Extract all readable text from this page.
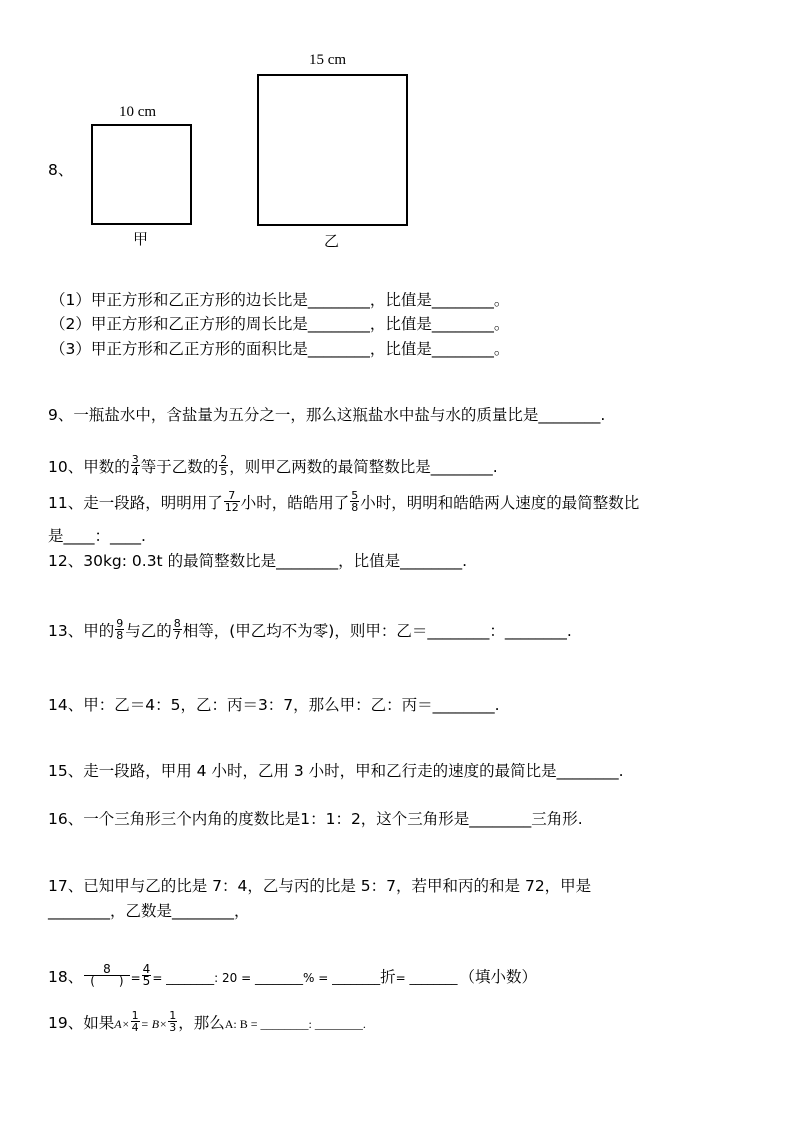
8、
10 cm
甲
15 cm
乙
（1）甲正方形和乙正方形的边长比是________，比值是________。
（2）甲正方形和乙正方形的周长比是________，比值是________。
（3）甲正方形和乙正方形的面积比是________，比值是________。
9、一瓶盐水中，含盐量为五分之一，那么这瓶盐水中盐与水的质量比是________.
10、甲数的 $\frac{3}{4}$ 等于乙数的 $\frac{2}{5}$ ，则甲乙两数的最简整数比是________.
11、走一段路，明明用了 $\frac{7}{12}$ 小时，皓皓用了 $\frac{5}{8}$ 小时，明明和皓皓两人速度的最简整数比
是____：____.
12、30kg: 0.3t 的最简整数比是________，比值是________.
13、甲的 $\frac{9}{8}$ 与乙的 $\frac{8}{7}$ 相等，(甲乙均不为零)，则甲：乙＝________：________.
14、甲：乙＝4：5，乙：丙＝3：7，那么甲：乙：丙＝________.
15、走一段路，甲用 4 小时，乙用 3 小时，甲和乙行走的速度的最简比是________.
16、一个三角形三个内角的度数比是1：1：2，这个三角形是________三角形.
17、已知甲与乙的比是 7：4，乙与丙的比是 5：7，若甲和丙的和是 72，甲是
________，乙数是________，
18、 $\frac{8}{( )} = \frac{4}{5}$ = ________: 20 = ________% = ________折= ________ （填小数）
19、如果$A\times \frac{1}{4} = B\times \frac{1}{3}$ ，那么A: B = ________: ________.
